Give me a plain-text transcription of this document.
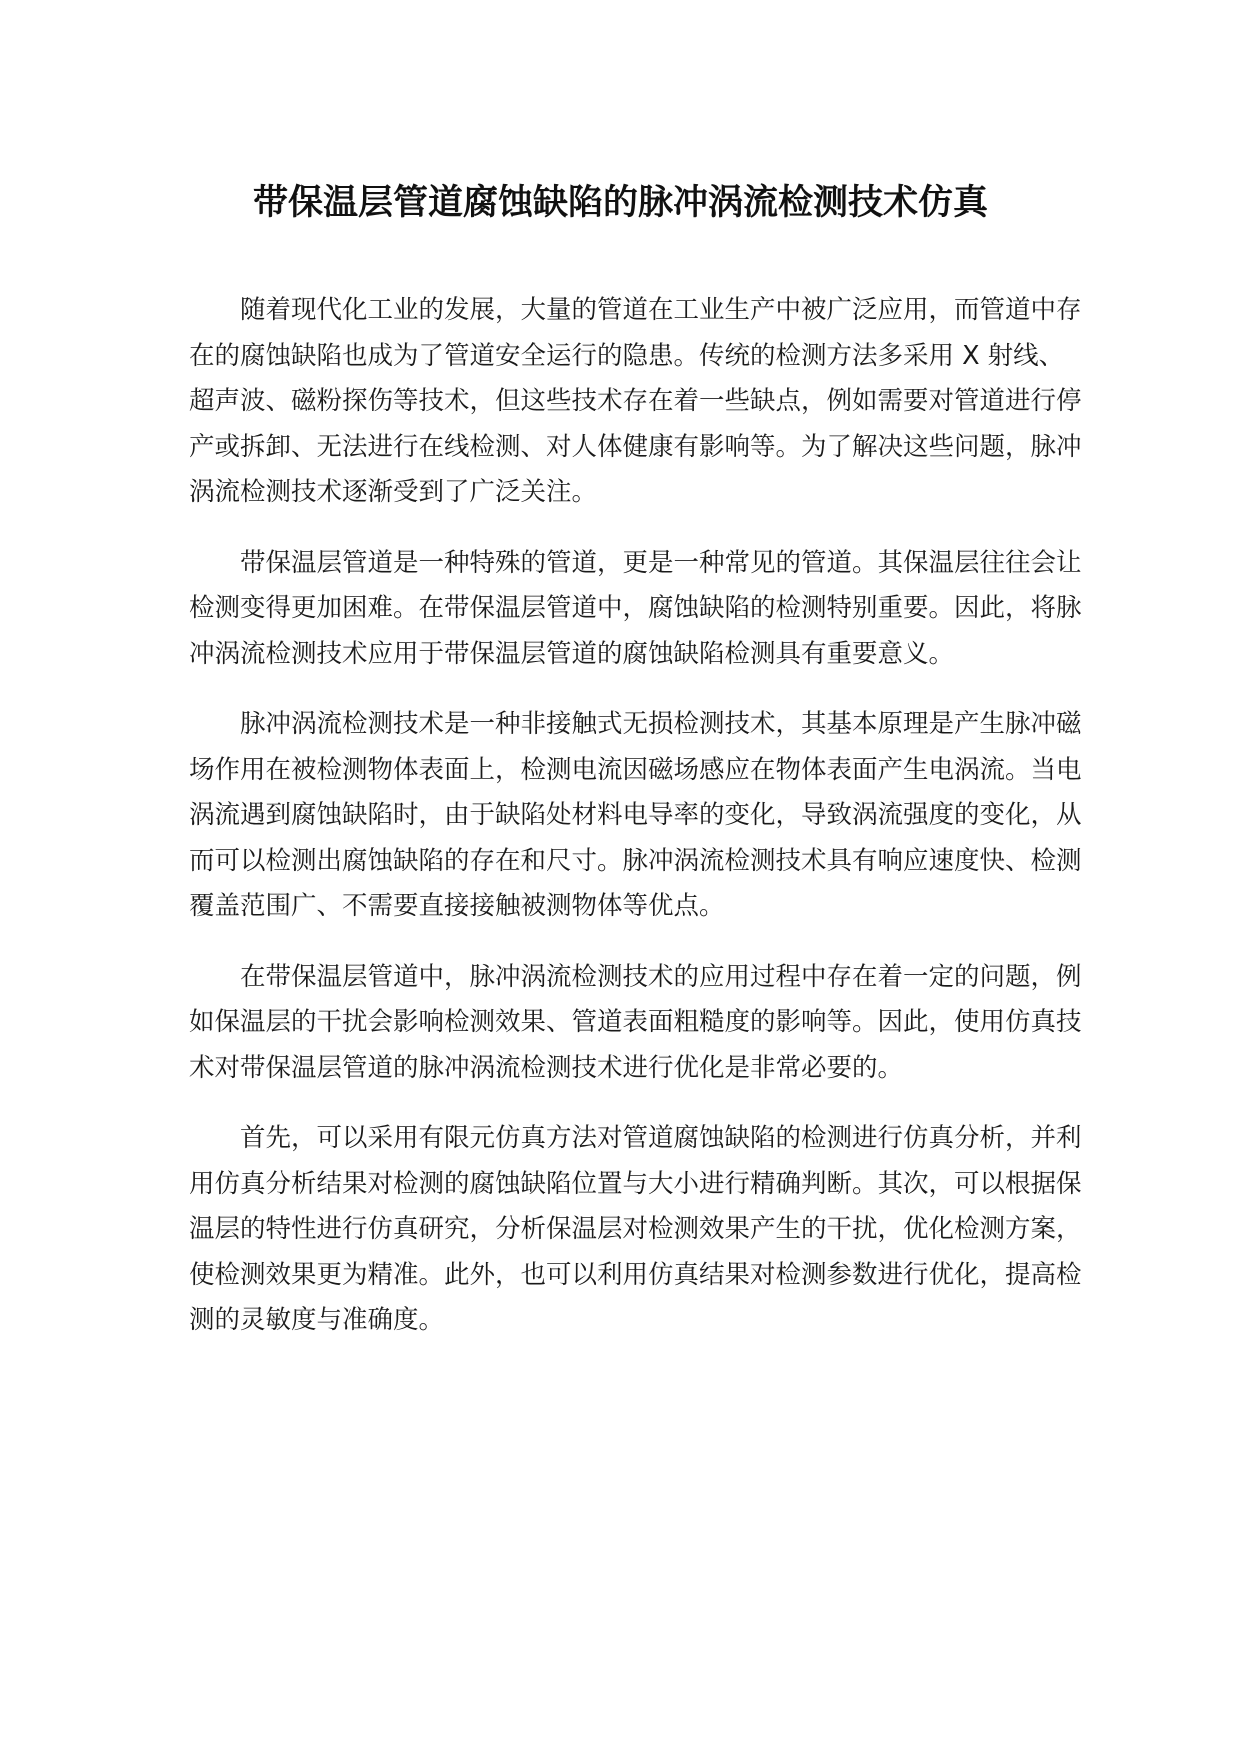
带保温层管道腐蚀缺陷的脉冲涡流检测技术仿真

随着现代化工业的发展，大量的管道在工业生产中被广泛应用，而管道中存在的腐蚀缺陷也成为了管道安全运行的隐患。传统的检测方法多采用 X 射线、超声波、磁粉探伤等技术，但这些技术存在着一些缺点，例如需要对管道进行停产或拆卸、无法进行在线检测、对人体健康有影响等。为了解决这些问题，脉冲涡流检测技术逐渐受到了广泛关注。

带保温层管道是一种特殊的管道，更是一种常见的管道。其保温层往往会让检测变得更加困难。在带保温层管道中，腐蚀缺陷的检测特别重要。因此，将脉冲涡流检测技术应用于带保温层管道的腐蚀缺陷检测具有重要意义。

脉冲涡流检测技术是一种非接触式无损检测技术，其基本原理是产生脉冲磁场作用在被检测物体表面上，检测电流因磁场感应在物体表面产生电涡流。当电涡流遇到腐蚀缺陷时，由于缺陷处材料电导率的变化，导致涡流强度的变化，从而可以检测出腐蚀缺陷的存在和尺寸。脉冲涡流检测技术具有响应速度快、检测覆盖范围广、不需要直接接触被测物体等优点。

在带保温层管道中，脉冲涡流检测技术的应用过程中存在着一定的问题，例如保温层的干扰会影响检测效果、管道表面粗糙度的影响等。因此，使用仿真技术对带保温层管道的脉冲涡流检测技术进行优化是非常必要的。

首先，可以采用有限元仿真方法对管道腐蚀缺陷的检测进行仿真分析，并利用仿真分析结果对检测的腐蚀缺陷位置与大小进行精确判断。其次，可以根据保温层的特性进行仿真研究，分析保温层对检测效果产生的干扰，优化检测方案，使检测效果更为精准。此外，也可以利用仿真结果对检测参数进行优化，提高检测的灵敏度与准确度。
